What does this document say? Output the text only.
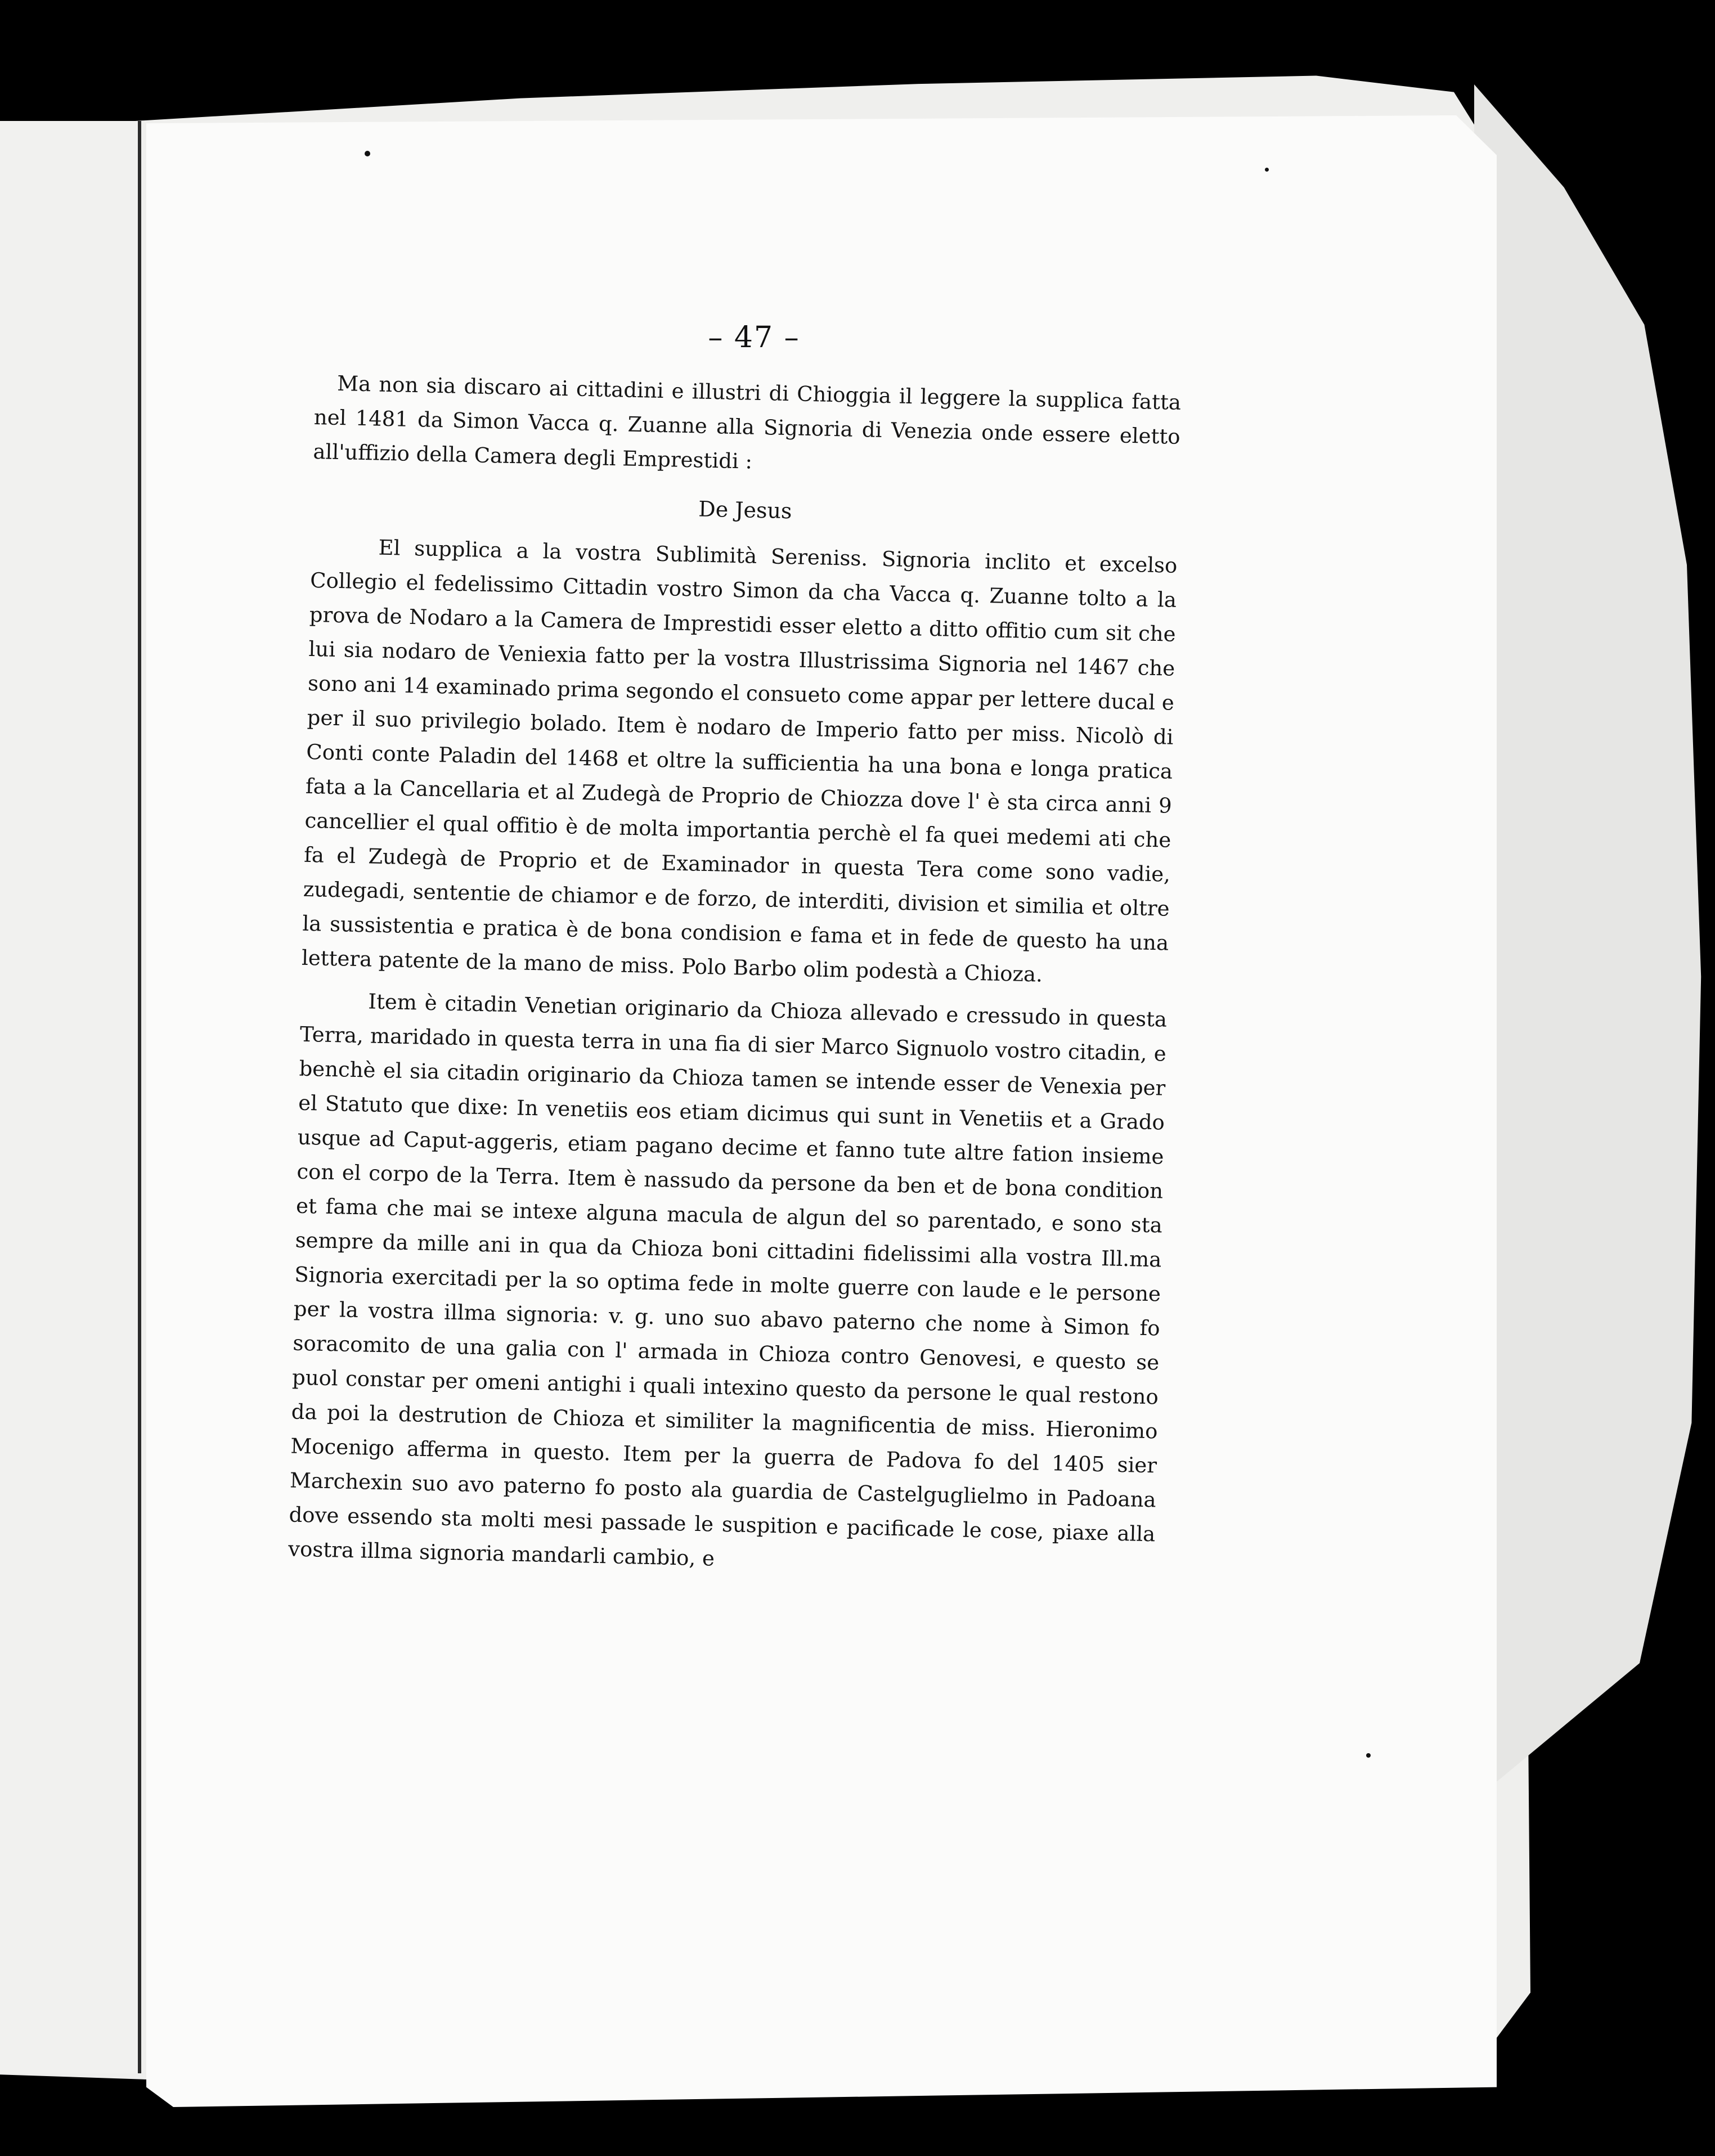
– 47 –

Ma non sia discaro ai cittadini e illustri di Chioggia il leggere la supplica fatta nel 1481 da Simon Vacca q. Zuanne alla Signoria di Venezia onde essere eletto all'uffizio della Camera degli Emprestidi :

De Jesus

El supplica a la vostra Sublimità Sereniss. Signoria inclito et excelso Collegio el fedelissimo Cittadin vostro Simon da cha Vacca q. Zuanne tolto a la prova de Nodaro a la Camera de Imprestidi esser eletto a ditto offitio cum sit che lui sia nodaro de Veniexia fatto per la vostra Illustrissima Signoria nel 1467 che sono ani 14 examinado prima segondo el consueto come appar per lettere ducal e per il suo privilegio bolado. Item è nodaro de Imperio fatto per miss. Nicolò di Conti conte Paladin del 1468 et oltre la sufficientia ha una bona e longa pratica fata a la Cancellaria et al Zudegà de Proprio de Chiozza dove l' è sta circa anni 9 cancellier el qual offitio è de molta importantia perchè el fa quei medemi ati che fa el Zudegà de Proprio et de Examinador in questa Tera come sono vadie, zudegadi, sententie de chiamor e de forzo, de interditi, division et similia et oltre la sussistentia e pratica è de bona condision e fama et in fede de questo ha una lettera patente de la mano de miss. Polo Barbo olim podestà a Chioza.

Item è citadin Venetian originario da Chioza allevado e cressudo in questa Terra, maridado in questa terra in una fia di sier Marco Signuolo vostro citadin, e benchè el sia citadin originario da Chioza tamen se intende esser de Venexia per el Statuto que dixe: In venetiis eos etiam dicimus qui sunt in Venetiis et a Grado usque ad Caput-aggeris, etiam pagano decime et fanno tute altre fation insieme con el corpo de la Terra. Item è nassudo da persone da ben et de bona condition et fama che mai se intexe alguna macula de algun del so parentado, e sono sta sempre da mille ani in qua da Chioza boni cittadini fidelissimi alla vostra Ill.ma Signoria exercitadi per la so optima fede in molte guerre con laude e le persone per la vostra illma signoria: v. g. uno suo abavo paterno che nome à Simon fo soracomito de una galia con l' armada in Chioza contro Genovesi, e questo se puol constar per omeni antighi i quali intexino questo da persone le qual restono da poi la destrution de Chioza et similiter la magnificentia de miss. Hieronimo Mocenigo afferma in questo. Item per la guerra de Padova fo del 1405 sier Marchexin suo avo paterno fo posto ala guardia de Castelguglielmo in Padoana dove essendo sta molti mesi passade le suspition e pacificade le cose, piaxe alla vostra illma signoria mandarli cambio, e
